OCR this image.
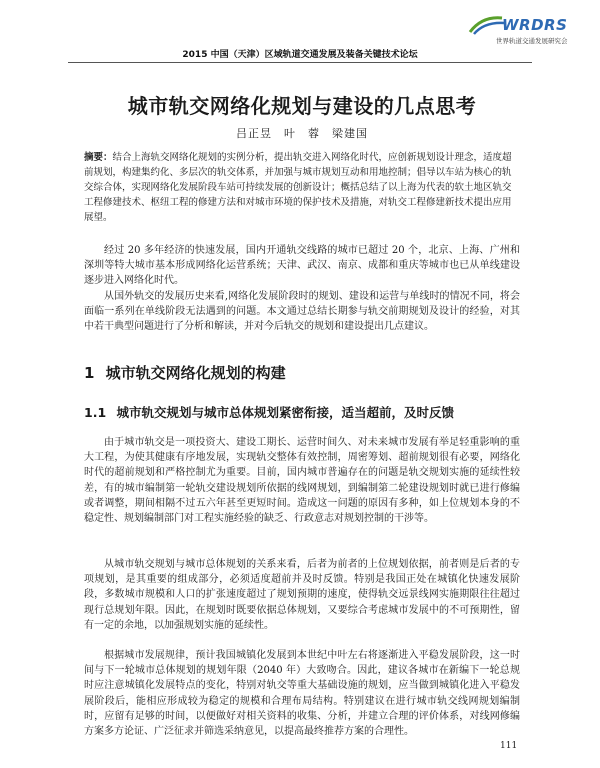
WRDRS
世界轨道交通发展研究会
2015 中国（天津）区域轨道交通发展及装备关键技术论坛
城市轨交网络化规划与建设的几点思考
吕正昱　叶　蓉　梁建国
摘要：结合上海轨交网络化规划的实例分析，提出轨交进入网络化时代，应创新规划设计理念，适度超前规划，构建集约化、多层次的轨交体系，并加强与城市规划互动和用地控制；倡导以车站为核心的轨交综合体，实现网络化发展阶段车站可持续发展的创新设计；概括总结了以上海为代表的软土地区轨交工程修建技术、枢纽工程的修建方法和对城市环境的保护技术及措施，对轨交工程修建新技术提出应用展望。

经过 20 多年经济的快速发展，国内开通轨交线路的城市已超过 20 个，北京、上海、广州和深圳等特大城市基本形成网络化运营系统；天津、武汉、南京、成都和重庆等城市也已从单线建设逐步进入网络化时代。

从国外轨交的发展历史来看,网络化发展阶段时的规划、建设和运营与单线时的情况不同，将会面临一系列在单线阶段无法遇到的问题。本文通过总结长期参与轨交前期规划及设计的经验，对其中若干典型问题进行了分析和解读，并对今后轨交的规划和建设提出几点建议。

1 城市轨交网络化规划的构建
1.1 城市轨交规划与城市总体规划紧密衔接，适当超前，及时反馈

由于城市轨交是一项投资大、建设工期长、运营时间久、对未来城市发展有举足轻重影响的重大工程，为使其健康有序地发展，实现轨交整体有效控制，周密筹划、超前规划很有必要，网络化时代的超前规划和严格控制尤为重要。目前，国内城市普遍存在的问题是轨交规划实施的延续性较差，有的城市编制第一轮轨交建设规划所依据的线网规划，到编制第二轮建设规划时就已进行修编或者调整，期间相隔不过五六年甚至更短时间。造成这一问题的原因有多种，如上位规划本身的不稳定性、规划编制部门对工程实施经验的缺乏、行政意志对规划控制的干涉等。

从城市轨交规划与城市总体规划的关系来看，后者为前者的上位规划依据，前者则是后者的专项规划，是其重要的组成部分，必须适度超前并及时反馈。特别是我国正处在城镇化快速发展阶段，多数城市规模和人口的扩张速度超过了规划预期的速度，使得轨交远景线网实施期限往往超过现行总规划年限。因此，在规划时既要依据总体规划，又要综合考虑城市发展中的不可预期性，留有一定的余地，以加强规划实施的延续性。

根据城市发展规律，预计我国城镇化发展到本世纪中叶左右将逐渐进入平稳发展阶段，这一时间与下一轮城市总体规划的规划年限（2040 年）大致吻合。因此，建议各城市在新编下一轮总规时应注意城镇化发展特点的变化，特别对轨交等重大基础设施的规划，应当做到城镇化进入平稳发展阶段后，能相应形成较为稳定的规模和合理布局结构。特别建议在进行城市轨交线网规划编制时，应留有足够的时间，以便做好对相关资料的收集、分析，并建立合理的评价体系，对线网修编方案多方论证、广泛征求并筛选采纳意见，以提高最终推荐方案的合理性。

111
